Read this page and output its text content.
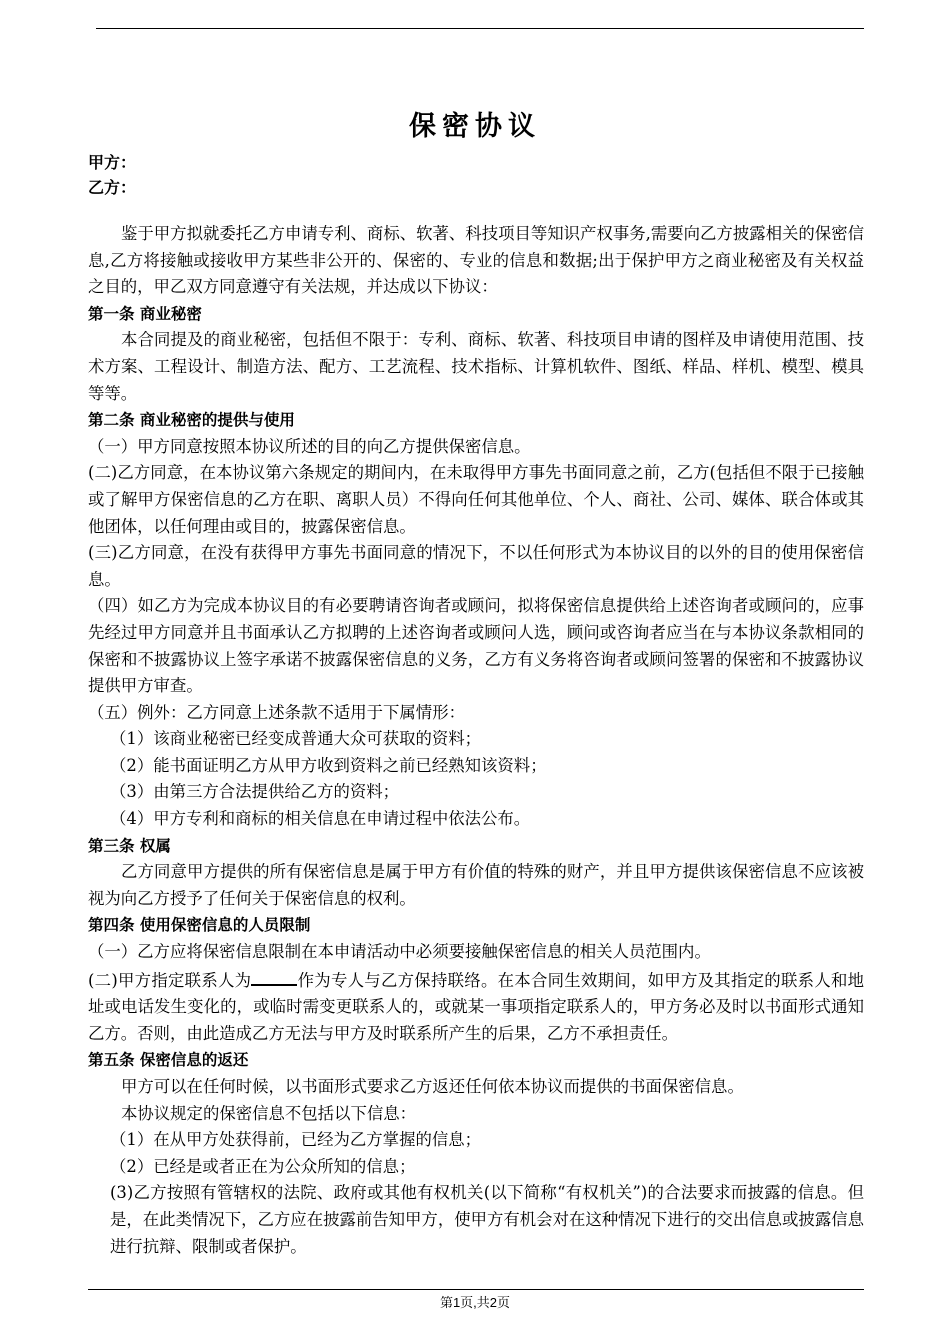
保密协议
甲方：
乙方：

鉴于甲方拟就委托乙方申请专利、商标、软著、科技项目等知识产权事务,需要向乙方披露相关的保密信息,乙方将接触或接收甲方某些非公开的、保密的、专业的信息和数据;出于保护甲方之商业秘密及有关权益之目的，甲乙双方同意遵守有关法规，并达成以下协议：

第一条 商业秘密

本合同提及的商业秘密，包括但不限于：专利、商标、软著、科技项目申请的图样及申请使用范围、技术方案、工程设计、制造方法、配方、工艺流程、技术指标、计算机软件、图纸、样品、样机、模型、模具等等。

第二条 商业秘密的提供与使用

（一）甲方同意按照本协议所述的目的向乙方提供保密信息。

(二)乙方同意，在本协议第六条规定的期间内，在未取得甲方事先书面同意之前，乙方(包括但不限于已接触或了解甲方保密信息的乙方在职、离职人员）不得向任何其他单位、个人、商社、公司、媒体、联合体或其他团体，以任何理由或目的，披露保密信息。

(三)乙方同意，在没有获得甲方事先书面同意的情况下，不以任何形式为本协议目的以外的目的使用保密信息。

（四）如乙方为完成本协议目的有必要聘请咨询者或顾问，拟将保密信息提供给上述咨询者或顾问的，应事先经过甲方同意并且书面承认乙方拟聘的上述咨询者或顾问人选，顾问或咨询者应当在与本协议条款相同的保密和不披露协议上签字承诺不披露保密信息的义务，乙方有义务将咨询者或顾问签署的保密和不披露协议提供甲方审查。

（五）例外：乙方同意上述条款不适用于下属情形：

（1）该商业秘密已经变成普通大众可获取的资料；

（2）能书面证明乙方从甲方收到资料之前已经熟知该资料；

（3）由第三方合法提供给乙方的资料；

（4）甲方专利和商标的相关信息在申请过程中依法公布。

第三条 权属

乙方同意甲方提供的所有保密信息是属于甲方有价值的特殊的财产，并且甲方提供该保密信息不应该被视为向乙方授予了任何关于保密信息的权利。

第四条 使用保密信息的人员限制

（一）乙方应将保密信息限制在本申请活动中必须要接触保密信息的相关人员范围内。

(二)甲方指定联系人为	作为专人与乙方保持联络。在本合同生效期间，如甲方及其指定的联系人和地址或电话发生变化的，或临时需变更联系人的，或就某一事项指定联系人的，甲方务必及时以书面形式通知乙方。否则，由此造成乙方无法与甲方及时联系所产生的后果，乙方不承担责任。

第五条 保密信息的返还

甲方可以在任何时候，以书面形式要求乙方返还任何依本协议而提供的书面保密信息。

本协议规定的保密信息不包括以下信息：

（1）在从甲方处获得前，已经为乙方掌握的信息；

（2）已经是或者正在为公众所知的信息；

(3)乙方按照有管辖权的法院、政府或其他有权机关(以下简称“有权机关”)的合法要求而披露的信息。但是，在此类情况下，乙方应在披露前告知甲方，使甲方有机会对在这种情况下进行的交出信息或披露信息进行抗辩、限制或者保护。

第1页,共2页
